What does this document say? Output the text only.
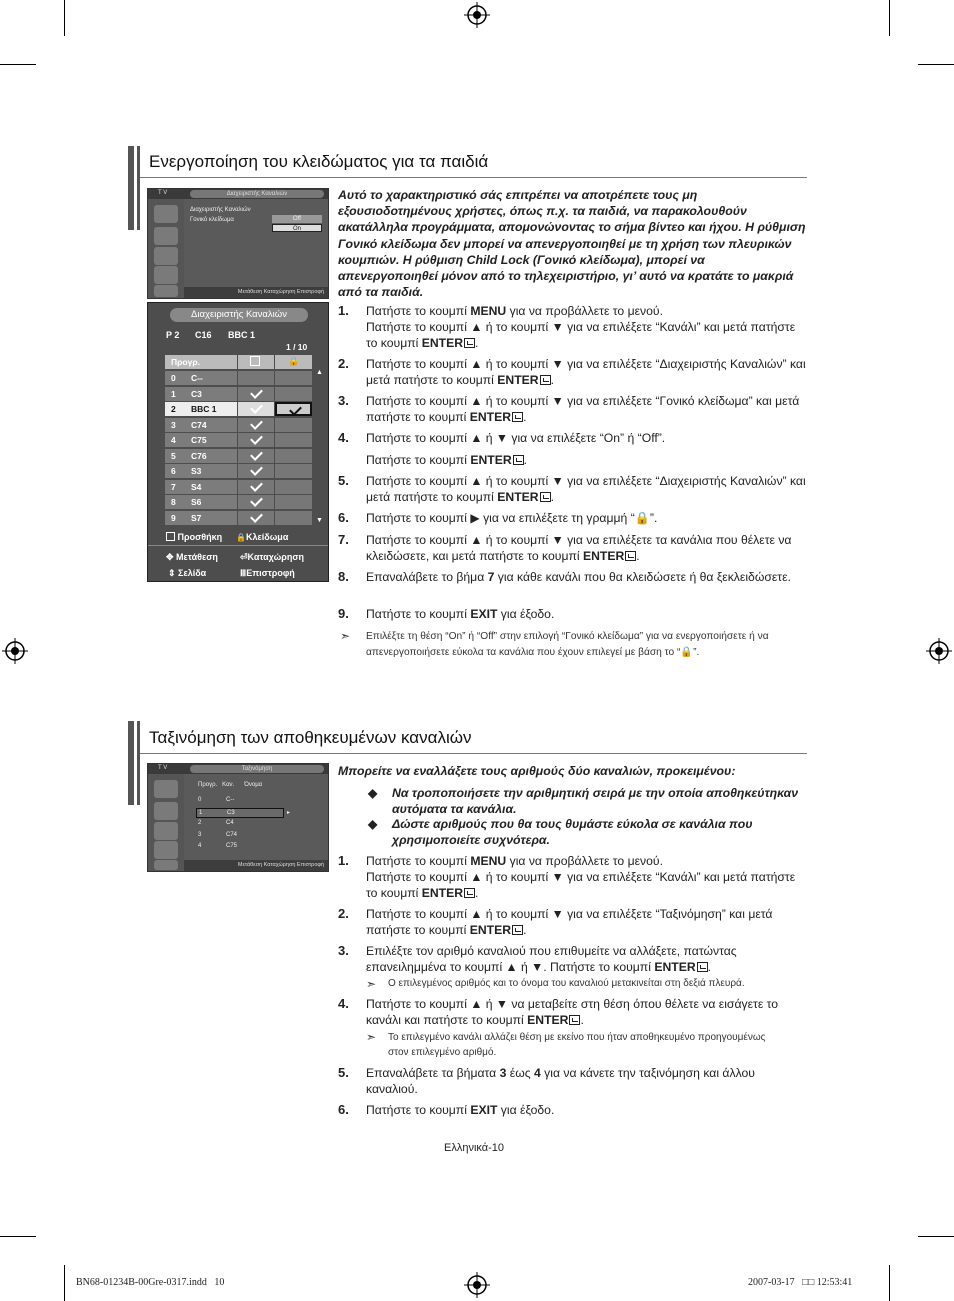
Ενεργοποίηση του κλειδώματος για τα παιδιά
T V	Διαχειριστής Καναλιών
Διαχειριστής Καναλιών
Γονικό κλείδωμα	Off
On
Μετάθεση Καταχώρηση Επιστροφή
Διαχειριστής Καναλιών
P 2 C16 BBC 1
1 / 10
Προγρ.	🔒
0 C--
1 C3
2 BBC 1
3 C74
4 C75
5 C76
6 S3
7 S4
8 S6
9 S7
▲
▼
Προσθήκη 🔒Κλείδωμα
✥ Μετάθεση ⏎Καταχώρηση
⇕ Σελίδα	ⅢΕπιστροφή
Αυτό το χαρακτηριστικό σάς επιτρέπει να αποτρέπετε τους μη εξουσιοδοτημένους χρήστες, όπως π.χ. τα παιδιά, να παρακολουθούν ακατάλληλα προγράμματα, απομονώνοντας το σήμα βίντεο και ήχου. Η ρύθμιση Γονικό κλείδωμα δεν μπορεί να απενεργοποιηθεί με τη χρήση των πλευρικών κουμπιών. Η ρύθμιση Child Lock (Γονικό κλείδωμα), μπορεί να απενεργοποιηθεί μόνον από το τηλεχειριστήριο, γι’ αυτό να κρατάτε το μακριά από τα παιδιά.
1. Πατήστε το κουμπί MENU για να προβάλλετε το μενού.
Πατήστε το κουμπί ▲ ή το κουμπί ▼ για να επιλέξετε “Κανάλι” και μετά πατήστε το κουμπί ENTER .
2. Πατήστε το κουμπί ▲ ή το κουμπί ▼ για να επιλέξετε “Διαχειριστής Καναλιών” και μετά πατήστε το κουμπί ENTER .
3. Πατήστε το κουμπί ▲ ή το κουμπί ▼ για να επιλέξετε “Γονικό κλείδωμα” και μετά πατήστε το κουμπί ENTER .
4. Πατήστε το κουμπί ▲ ή ▼ για να επιλέξετε “On” ή “Off”.

Πατήστε το κουμπί ENTER .
5. Πατήστε το κουμπί ▲ ή το κουμπί ▼ για να επιλέξετε “Διαχειριστής Καναλιών” και μετά πατήστε το κουμπί ENTER .
6. Πατήστε το κουμπί ▶ για να επιλέξετε τη γραμμή “🔒”.
7. Πατήστε το κουμπί ▲ ή το κουμπί ▼ για να επιλέξετε τα κανάλια που θέλετε να κλειδώσετε, και μετά πατήστε το κουμπί ENTER .
8. Επαναλάβετε το βήμα 7 για κάθε κανάλι που θα κλειδώσετε ή θα ξεκλειδώσετε.
9. Πατήστε το κουμπί EXIT για έξοδο.
➣ Επιλέξτε τη θέση “On” ή “Off” στην επιλογή “Γονικό κλείδωμα” για να ενεργοποιήσετε ή να απενεργοποιήσετε εύκολα τα κανάλια που έχουν επιλεγεί με βάση το “🔒”.
Ταξινόμηση των αποθηκευμένων καναλιών
T V	Ταξινόμηση
Προγρ.   Καν.      Όνομα
0	C--
1	C3	▸
2	C4
3	C74
4	C75
Μετάθεση Καταχώρηση Επιστροφή
Μπορείτε να εναλλάξετε τους αριθμούς δύο καναλιών, προκειμένου:
◆ Να τροποποιήσετε την αριθμητική σειρά με την οποία αποθηκεύτηκαν αυτόματα τα κανάλια.
◆ Δώστε αριθμούς που θα τους θυμάστε εύκολα σε κανάλια που χρησιμοποιείτε συχνότερα.
1. Πατήστε το κουμπί MENU για να προβάλλετε το μενού.
Πατήστε το κουμπί ▲ ή το κουμπί ▼ για να επιλέξετε “Κανάλι” και μετά πατήστε το κουμπί ENTER .
2. Πατήστε το κουμπί ▲ ή το κουμπί ▼ για να επιλέξετε “Ταξινόμηση” και μετά πατήστε το κουμπί ENTER .
3. Επιλέξτε τον αριθμό καναλιού που επιθυμείτε να αλλάξετε, πατώντας επανειλημμένα το κουμπί ▲ ή ▼. Πατήστε το κουμπί ENTER .
➣ Ο επιλεγμένος αριθμός και το όνομα του καναλιού μετακινείται στη δεξιά πλευρά.
4. Πατήστε το κουμπί ▲ ή ▼ να μεταβείτε στη θέση όπου θέλετε να εισάγετε το κανάλι και πατήστε το κουμπί ENTER .
➣ Το επιλεγμένο κανάλι αλλάζει θέση με εκείνο που ήταν αποθηκευμένο προηγουμένως στον επιλεγμένο αριθμό.
5. Επαναλάβετε τα βήματα 3 έως 4 για να κάνετε την ταξινόμηση και άλλου καναλιού.
6. Πατήστε το κουμπί EXIT για έξοδο.
Ελληνικά-10
BN68-01234B-00Gre-0317.indd   10	2007-03-17   □□ 12:53:41
